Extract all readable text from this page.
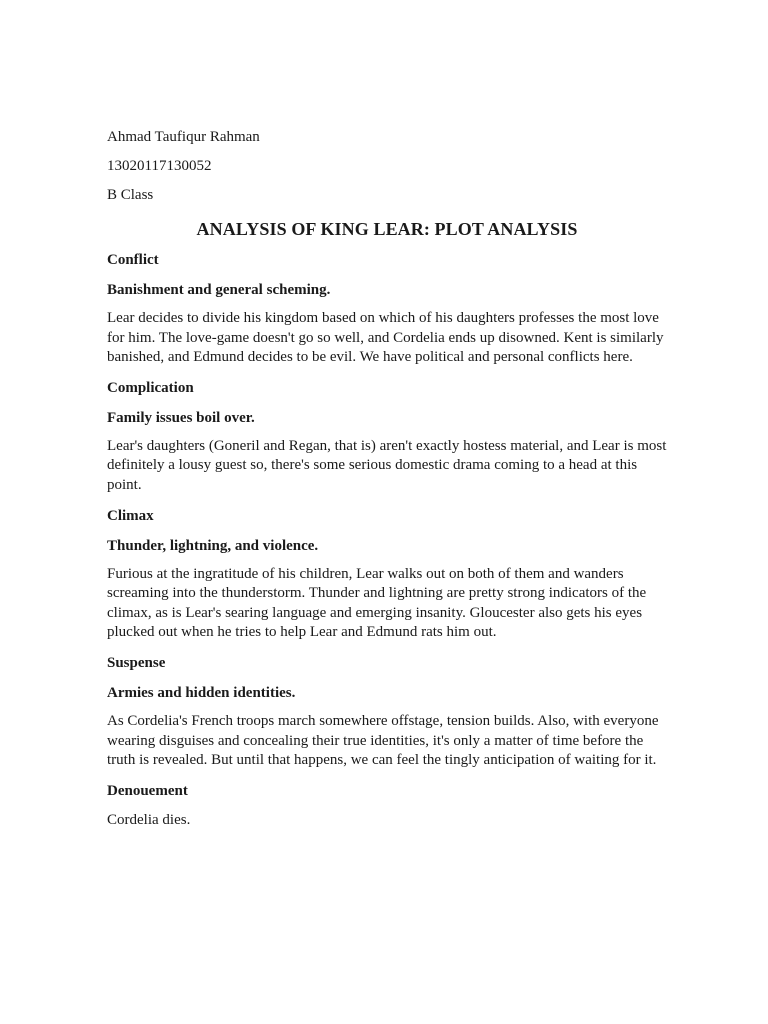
Ahmad Taufiqur Rahman

13020117130052

B Class

ANALYSIS OF KING LEAR: PLOT ANALYSIS

Conflict

Banishment and general scheming.

Lear decides to divide his kingdom based on which of his daughters professes the most love for him. The love-game doesn't go so well, and Cordelia ends up disowned. Kent is similarly banished, and Edmund decides to be evil. We have political and personal conflicts here.

Complication

Family issues boil over.

Lear's daughters (Goneril and Regan, that is) aren't exactly hostess material, and Lear is most definitely a lousy guest so, there's some serious domestic drama coming to a head at this point.

Climax

Thunder, lightning, and violence.

Furious at the ingratitude of his children, Lear walks out on both of them and wanders screaming into the thunderstorm. Thunder and lightning are pretty strong indicators of the climax, as is Lear's searing language and emerging insanity. Gloucester also gets his eyes plucked out when he tries to help Lear and Edmund rats him out.

Suspense

Armies and hidden identities.

As Cordelia's French troops march somewhere offstage, tension builds. Also, with everyone wearing disguises and concealing their true identities, it's only a matter of time before the truth is revealed. But until that happens, we can feel the tingly anticipation of waiting for it.

Denouement

Cordelia dies.
